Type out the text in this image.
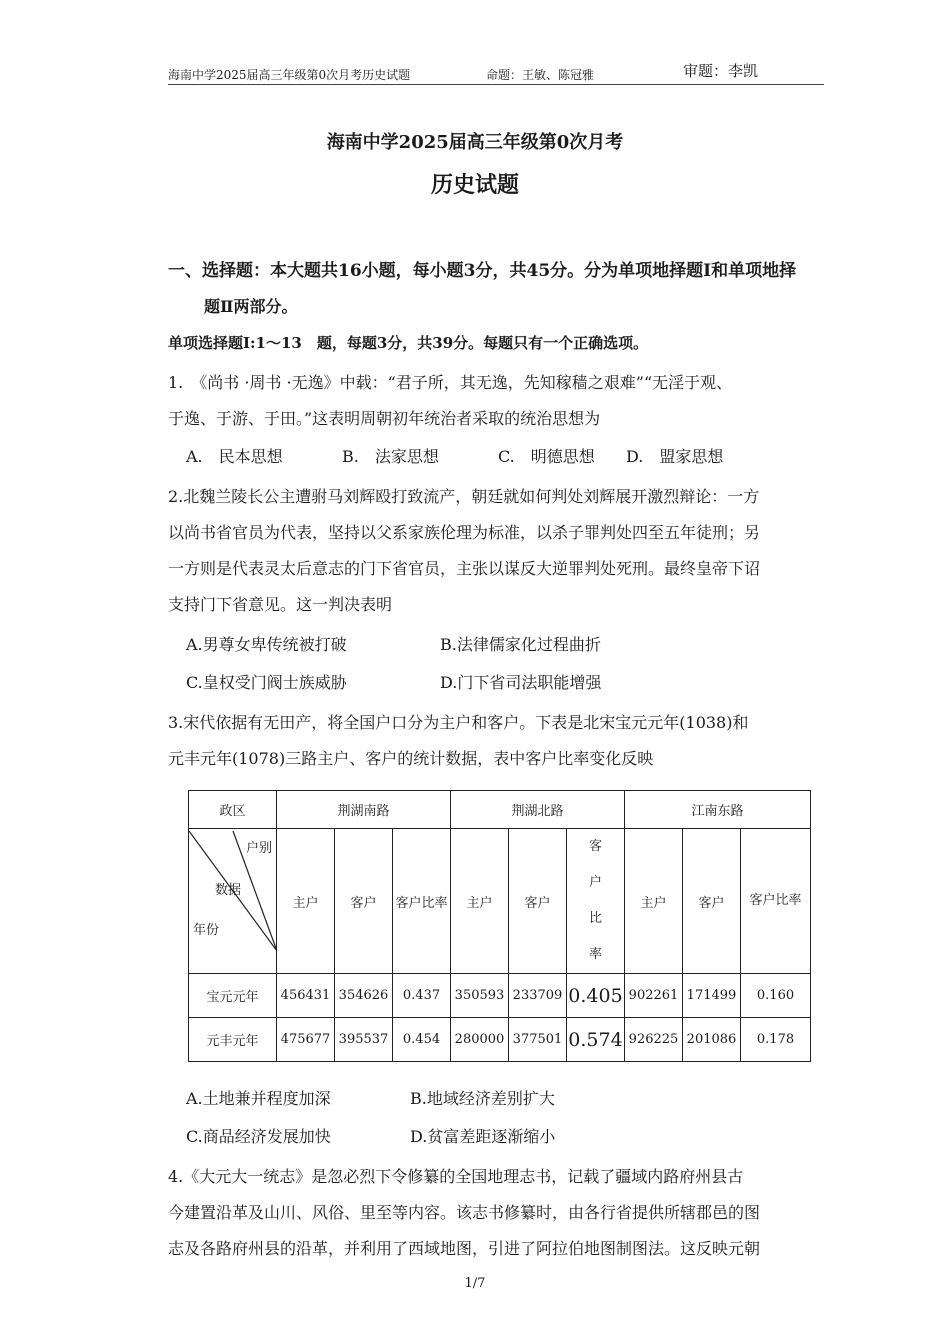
海南中学2025届高三年级第0次月考历史试题	命题：王敏、陈冠雅	审题：李凯
海南中学2025届高三年级第0次月考
历史试题
一、选择题：本大题共16小题，每小题3分，共45分。分为单项地择题I和单项地择
题Ⅱ两部分。
单项选择题I:1～13　题，每题3分，共39分。每题只有一个正确选项。
1.　《尚书 ·周书 ·无逸》中载：“君子所，其无逸，先知稼穑之艰难”“无淫于观、
于逸、于游、于田。”这表明周朝初年统治者采取的统治思想为
A.　民本思想	B.　法家思想	C.　明德思想 D.　盟家思想
2.北魏兰陵长公主遭驸马刘辉殴打致流产，朝廷就如何判处刘辉展开激烈辩论：一方
以尚书省官员为代表，坚持以父系家族伦理为标准，以杀子罪判处四至五年徒刑；另
一方则是代表灵太后意志的门下省官员，主张以谋反大逆罪判处死刑。最终皇帝下诏
支持门下省意见。这一判决表明
A.男尊女卑传统被打破	B.法律儒家化过程曲折
C.皇权受门阀士族威胁	D.门下省司法职能增强
3.宋代依据有无田产，将全国户口分为主户和客户。下表是北宋宝元元年(1038)和
元丰元年(1078)三路主户、客户的统计数据，表中客户比率变化反映
政区	荆湖南路			荆湖北路			江南东路		

户别
数据
年份	主户	客户	客户比率	主户	客户	客户比率	主户	客户	客户比率
宝元元年	456431	354626	0.437	350593	233709	0.405	902261	171499	0.160
元丰元年	475677	395537	0.454	280000	377501	0.574	926225	201086	0.178
A.土地兼并程度加深	B.地域经济差别扩大
C.商品经济发展加快	D.贫富差距逐渐缩小
4.《大元大一统志》是忽必烈下令修纂的全国地理志书，记载了疆域内路府州县古
今建置沿革及山川、风俗、里至等内容。该志书修纂时，由各行省提供所辖郡邑的图
志及各路府州县的沿革，并利用了西域地图，引进了阿拉伯地图制图法。这反映元朝
1/7
